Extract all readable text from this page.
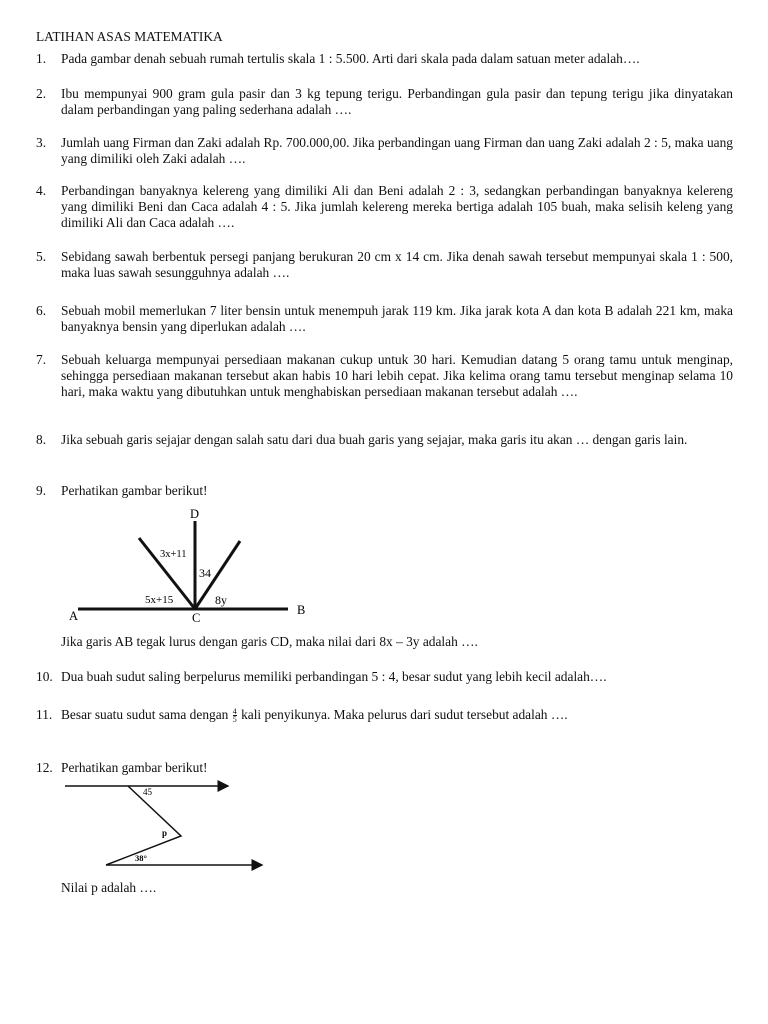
LATIHAN ASAS MATEMATIKA
1.	Pada gambar denah sebuah rumah tertulis skala 1 : 5.500. Arti dari skala pada dalam satuan meter adalah….
2.	Ibu mempunyai 900 gram gula pasir dan 3 kg tepung terigu. Perbandingan gula pasir dan tepung terigu jika dinyatakan dalam perbandingan yang paling sederhana adalah ….
3.	Jumlah uang Firman dan Zaki adalah Rp. 700.000,00. Jika perbandingan uang Firman dan uang Zaki adalah 2 : 5, maka uang yang dimiliki oleh Zaki adalah ….
4.	Perbandingan banyaknya kelereng yang dimiliki Ali dan Beni adalah 2 : 3, sedangkan perbandingan banyaknya kelereng yang dimiliki Beni dan Caca adalah 4 : 5. Jika jumlah kelereng mereka bertiga adalah 105 buah, maka selisih keleng yang dimiliki Ali dan Caca adalah ….
5.	Sebidang sawah berbentuk persegi panjang berukuran 20 cm x 14 cm. Jika denah sawah tersebut mempunyai skala 1 : 500, maka luas sawah sesungguhnya adalah ….
6.	Sebuah mobil memerlukan 7 liter bensin untuk menempuh jarak 119 km. Jika jarak kota A dan kota B adalah 221 km, maka banyaknya bensin yang diperlukan adalah ….
7.	Sebuah keluarga mempunyai persediaan makanan cukup untuk 30 hari. Kemudian datang 5 orang tamu untuk menginap, sehingga persediaan makanan tersebut akan habis 10 hari lebih cepat. Jika kelima orang tamu tersebut menginap selama 10 hari, maka waktu yang dibutuhkan untuk menghabiskan persediaan makanan tersebut adalah ….
8.	Jika sebuah garis sejajar dengan salah satu dari dua buah garis yang sejajar, maka garis itu akan … dengan garis lain.
9.	Perhatikan gambar berikut!
D
A	B
C
3x+11
34
5x+15	8y
Jika garis AB tegak lurus dengan garis CD, maka nilai dari 8x – 3y adalah ….
10. Dua buah sudut saling berpelurus memiliki perbandingan 5 : 4, besar sudut yang lebih kecil adalah….
11. Besar suatu sudut sama dengan $\frac{4}{5}$ kali penyikunya. Maka pelurus dari sudut tersebut adalah ….
12. Perhatikan gambar berikut!
45
p
38°
Nilai p adalah ….
